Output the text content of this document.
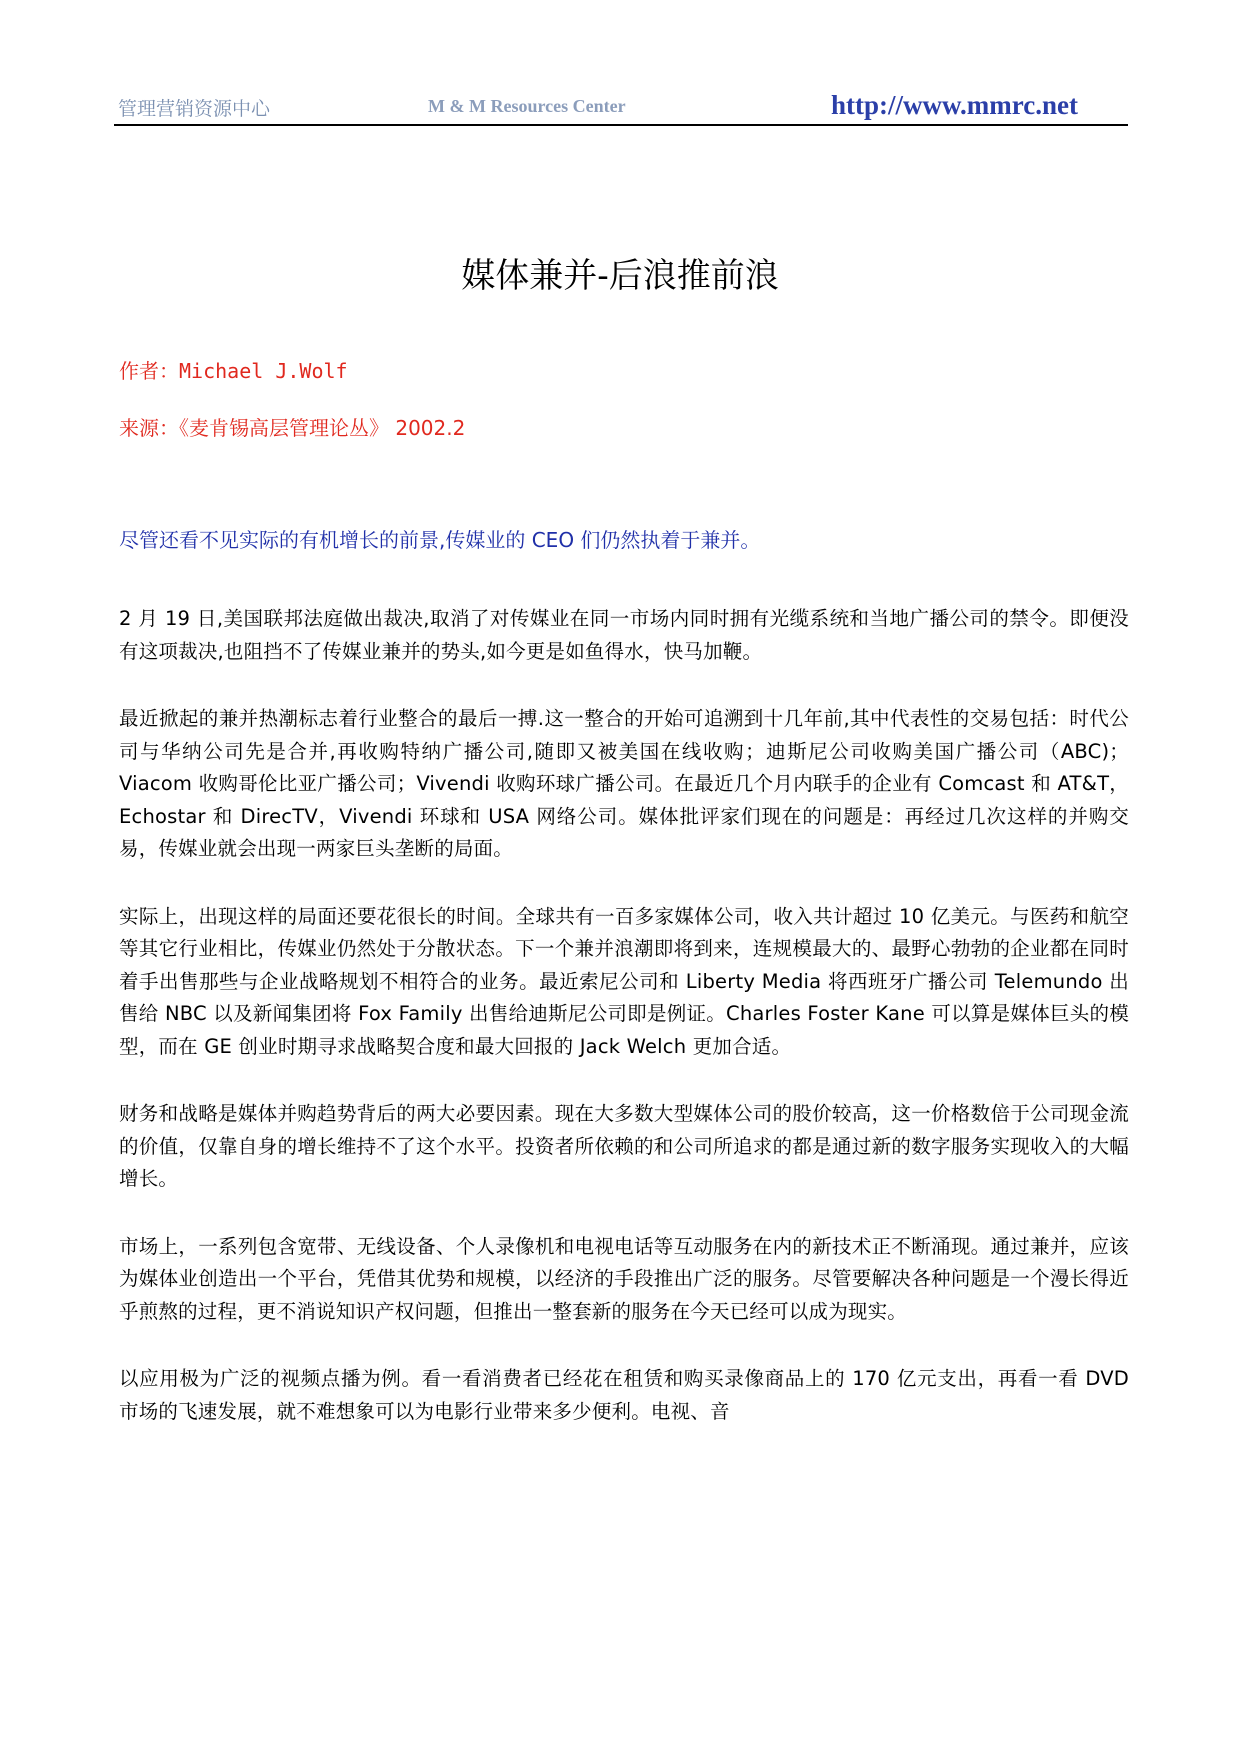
管理营销资源中心	M & M Resources Center	http://www.mmrc.net
媒体兼并-后浪推前浪
作者：Michael J.Wolf
来源：《麦肯锡高层管理论丛》 2002.2
尽管还看不见实际的有机增长的前景,传媒业的 CEO 们仍然执着于兼并。

2 月 19 日,美国联邦法庭做出裁决,取消了对传媒业在同一市场内同时拥有光缆系统和当地广播公司的禁令。即便没有这项裁决,也阻挡不了传媒业兼并的势头,如今更是如鱼得水，快马加鞭。

最近掀起的兼并热潮标志着行业整合的最后一搏.这一整合的开始可追溯到十几年前,其中代表性的交易包括：时代公司与华纳公司先是合并,再收购特纳广播公司,随即又被美国在线收购；迪斯尼公司收购美国广播公司（ABC)；Viacom 收购哥伦比亚广播公司；Vivendi 收购环球广播公司。在最近几个月内联手的企业有 Comcast 和 AT&T，Echostar 和 DirecTV，Vivendi 环球和 USA 网络公司。媒体批评家们现在的问题是：再经过几次这样的并购交易，传媒业就会出现一两家巨头垄断的局面。

实际上，出现这样的局面还要花很长的时间。全球共有一百多家媒体公司，收入共计超过 10 亿美元。与医药和航空等其它行业相比，传媒业仍然处于分散状态。下一个兼并浪潮即将到来，连规模最大的、最野心勃勃的企业都在同时着手出售那些与企业战略规划不相符合的业务。最近索尼公司和 Liberty Media 将西班牙广播公司 Telemundo 出售给 NBC 以及新闻集团将 Fox Family 出售给迪斯尼公司即是例证。Charles Foster Kane 可以算是媒体巨头的模型，而在 GE 创业时期寻求战略契合度和最大回报的 Jack Welch 更加合适。

财务和战略是媒体并购趋势背后的两大必要因素。现在大多数大型媒体公司的股价较高，这一价格数倍于公司现金流的价值，仅靠自身的增长维持不了这个水平。投资者所依赖的和公司所追求的都是通过新的数字服务实现收入的大幅增长。

市场上，一系列包含宽带、无线设备、个人录像机和电视电话等互动服务在内的新技术正不断涌现。通过兼并，应该为媒体业创造出一个平台，凭借其优势和规模，以经济的手段推出广泛的服务。尽管要解决各种问题是一个漫长得近乎煎熬的过程，更不消说知识产权问题，但推出一整套新的服务在今天已经可以成为现实。

以应用极为广泛的视频点播为例。看一看消费者已经花在租赁和购买录像商品上的 170 亿元支出，再看一看 DVD 市场的飞速发展，就不难想象可以为电影行业带来多少便利。电视、音
